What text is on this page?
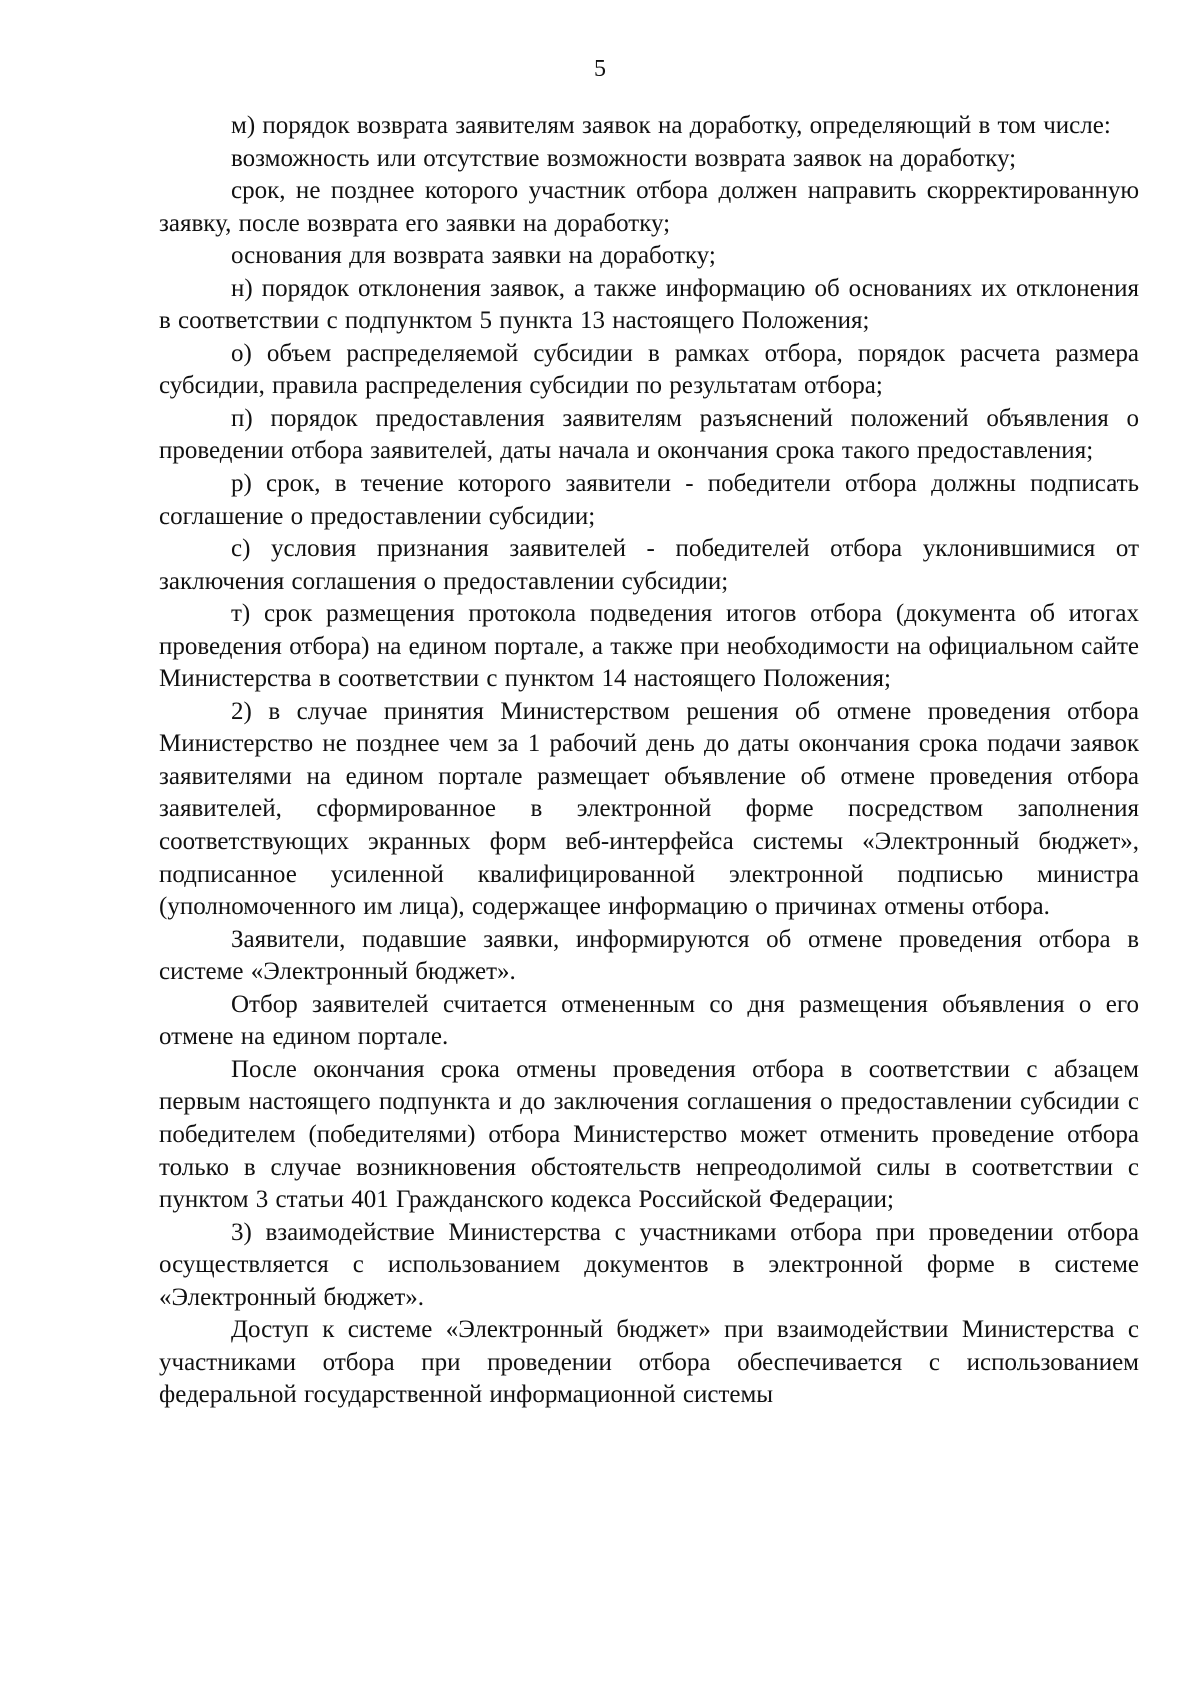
5

м) порядок возврата заявителям заявок на доработку, определяющий в том числе:

возможность или отсутствие возможности возврата заявок на доработку;

срок, не позднее которого участник отбора должен направить скорректированную заявку, после возврата его заявки на доработку;

основания для возврата заявки на доработку;

н) порядок отклонения заявок, а также информацию об основаниях их отклонения в соответствии с подпунктом 5 пункта 13 настоящего Положения;

о) объем распределяемой субсидии в рамках отбора, порядок расчета размера субсидии, правила распределения субсидии по результатам отбора;

п) порядок предоставления заявителям разъяснений положений объявления о проведении отбора заявителей, даты начала и окончания срока такого предоставления;

р) срок, в течение которого заявители - победители отбора должны подписать соглашение о предоставлении субсидии;

с) условия признания заявителей - победителей отбора уклонившимися от заключения соглашения о предоставлении субсидии;

т) срок размещения протокола подведения итогов отбора (документа об итогах проведения отбора) на едином портале, а также при необходимости на официальном сайте Министерства в соответствии с пунктом 14 настоящего Положения;

2) в случае принятия Министерством решения об отмене проведения отбора Министерство не позднее чем за 1 рабочий день до даты окончания срока подачи заявок заявителями на едином портале размещает объявление об отмене проведения отбора заявителей, сформированное в электронной форме посредством заполнения соответствующих экранных форм веб-интерфейса системы «Электронный бюджет», подписанное усиленной квалифицированной электронной подписью министра (уполномоченного им лица), содержащее информацию о причинах отмены отбора.

Заявители, подавшие заявки, информируются об отмене проведения отбора в системе «Электронный бюджет».

Отбор заявителей считается отмененным со дня размещения объявления о его отмене на едином портале.

После окончания срока отмены проведения отбора в соответствии с абзацем первым настоящего подпункта и до заключения соглашения о предоставлении субсидии с победителем (победителями) отбора Министерство может отменить проведение отбора только в случае возникновения обстоятельств непреодолимой силы в соответствии с пунктом 3 статьи 401 Гражданского кодекса Российской Федерации;

3) взаимодействие Министерства с участниками отбора при проведении отбора осуществляется с использованием документов в электронной форме в системе «Электронный бюджет».

Доступ к системе «Электронный бюджет» при взаимодействии Министерства с участниками отбора при проведении отбора обеспечивается с использованием федеральной государственной информационной системы
